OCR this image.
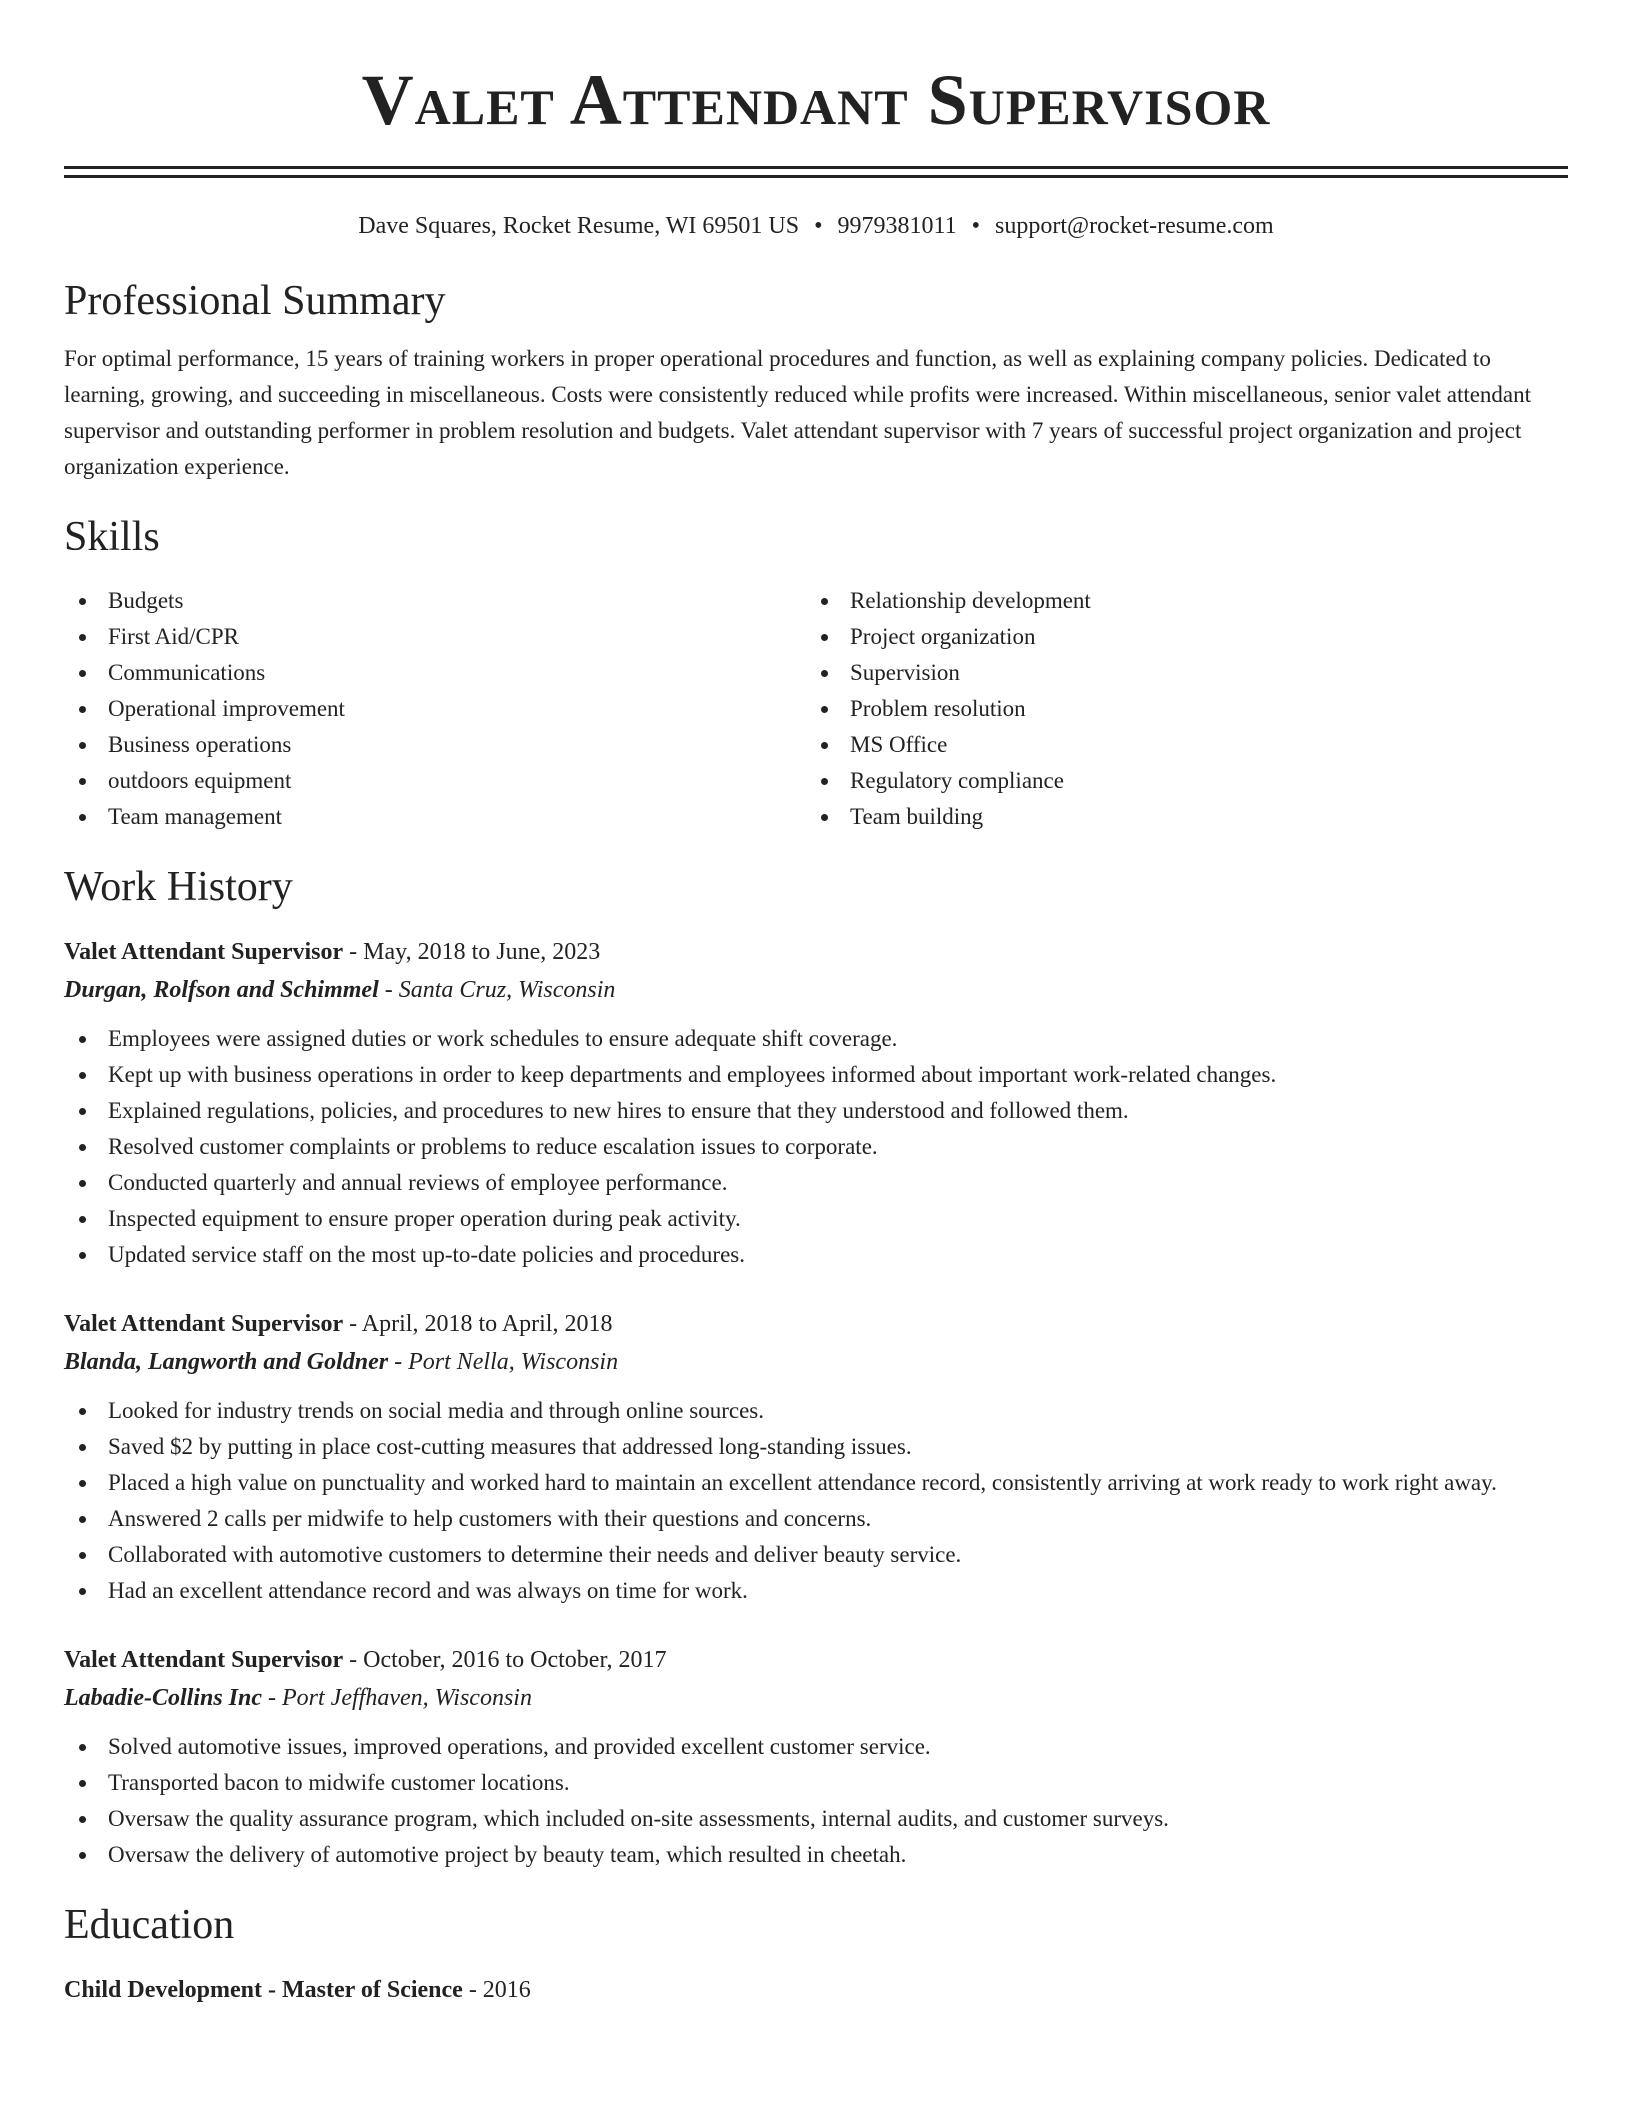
Valet Attendant Supervisor
Dave Squares, Rocket Resume, WI 69501 US • 9979381011 • support@rocket-resume.com
Professional Summary

For optimal performance, 15 years of training workers in proper operational procedures and function, as well as explaining company policies. Dedicated to learning, growing, and succeeding in miscellaneous. Costs were consistently reduced while profits were increased. Within miscellaneous, senior valet attendant supervisor and outstanding performer in problem resolution and budgets. Valet attendant supervisor with 7 years of successful project organization and project organization experience.

Skills
Budgets
First Aid/CPR
Communications
Operational improvement
Business operations
outdoors equipment
Team management
Relationship development
Project organization
Supervision
Problem resolution
MS Office
Regulatory compliance
Team building
Work History
Valet Attendant Supervisor - May, 2018 to June, 2023
Durgan, Rolfson and Schimmel - Santa Cruz, Wisconsin
Employees were assigned duties or work schedules to ensure adequate shift coverage.
Kept up with business operations in order to keep departments and employees informed about important work-related changes.
Explained regulations, policies, and procedures to new hires to ensure that they understood and followed them.
Resolved customer complaints or problems to reduce escalation issues to corporate.
Conducted quarterly and annual reviews of employee performance.
Inspected equipment to ensure proper operation during peak activity.
Updated service staff on the most up-to-date policies and procedures.
Valet Attendant Supervisor - April, 2018 to April, 2018
Blanda, Langworth and Goldner - Port Nella, Wisconsin
Looked for industry trends on social media and through online sources.
Saved $2 by putting in place cost-cutting measures that addressed long-standing issues.
Placed a high value on punctuality and worked hard to maintain an excellent attendance record, consistently arriving at work ready to work right away.
Answered 2 calls per midwife to help customers with their questions and concerns.
Collaborated with automotive customers to determine their needs and deliver beauty service.
Had an excellent attendance record and was always on time for work.
Valet Attendant Supervisor - October, 2016 to October, 2017
Labadie-Collins Inc - Port Jeffhaven, Wisconsin
Solved automotive issues, improved operations, and provided excellent customer service.
Transported bacon to midwife customer locations.
Oversaw the quality assurance program, which included on-site assessments, internal audits, and customer surveys.
Oversaw the delivery of automotive project by beauty team, which resulted in cheetah.
Education
Child Development - Master of Science - 2016
